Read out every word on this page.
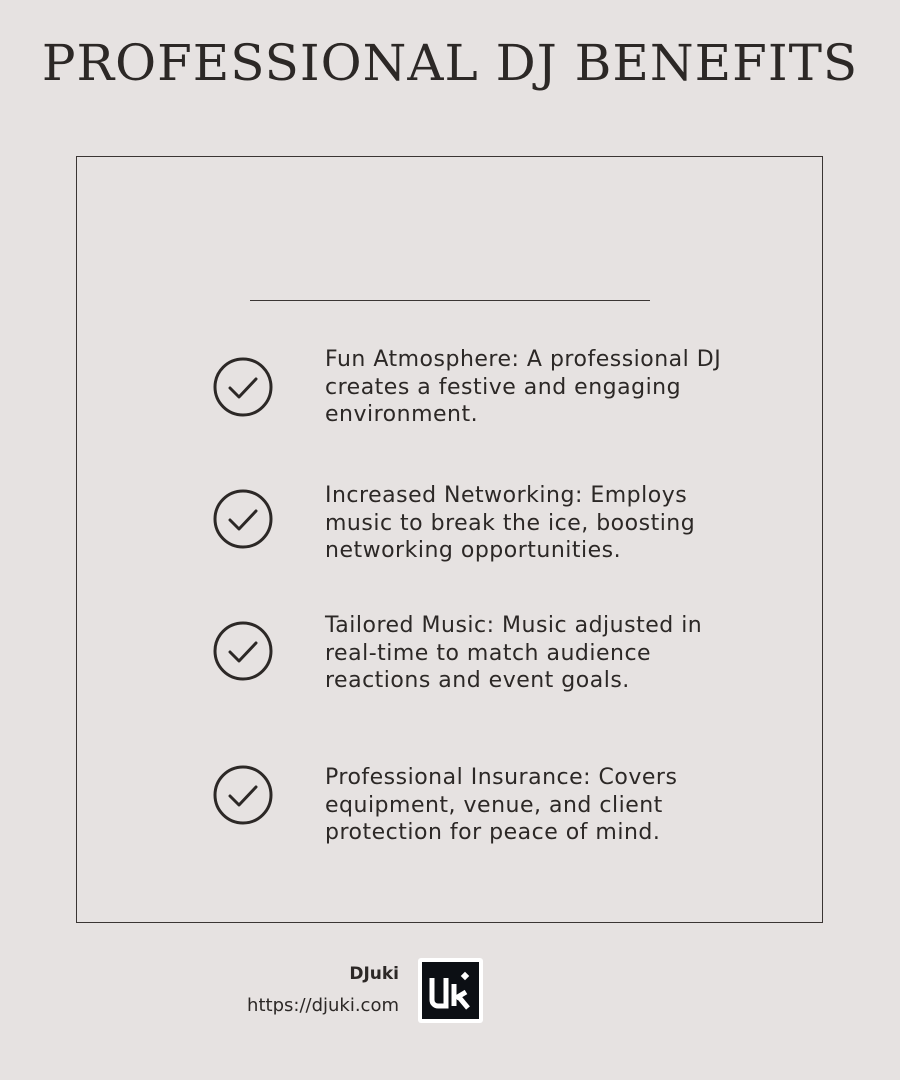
PROFESSIONAL DJ BENEFITS
Fun Atmosphere: A professional DJ creates a festive and engaging environment.
Increased Networking: Employs music to break the ice, boosting networking opportunities.
Tailored Music: Music adjusted in real-time to match audience reactions and event goals.
Professional Insurance: Covers equipment, venue, and client protection for peace of mind.
DJuki
https://djuki.com
